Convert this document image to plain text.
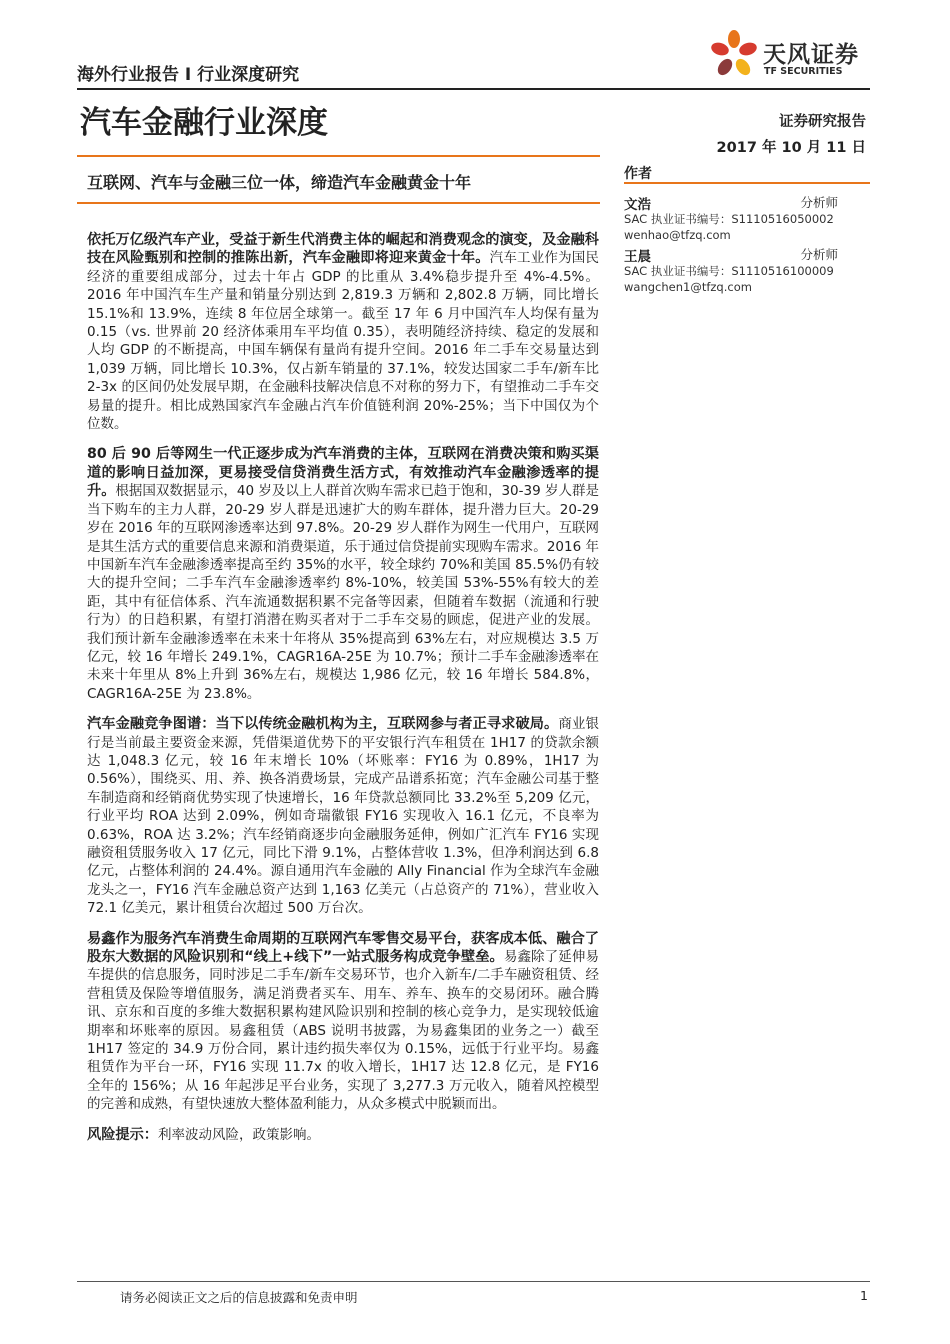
海外行业报告 I 行业深度研究
汽车金融行业深度	证券研究报告
2017 年 10 月 11 日
互联网、汽车与金融三位一体，缔造汽车金融黄金十年
天风证券
TF SECURITIES
作者
文浩	分析师
SAC 执业证书编号：S1110516050002
wenhao@tfzq.com
王晨	分析师
SAC 执业证书编号：S1110516100009
wangchen1@tfzq.com

依托万亿级汽车产业，受益于新生代消费主体的崛起和消费观念的演变，及金融科技在风险甄别和控制的推陈出新，汽车金融即将迎来黄金十年。汽车工业作为国民经济的重要组成部分，过去十年占 GDP 的比重从 3.4%稳步提升至 4%-4.5%。2016 年中国汽车生产量和销量分别达到 2,819.3 万辆和 2,802.8 万辆，同比增长 15.1%和 13.9%，连续 8 年位居全球第一。截至 17 年 6 月中国汽车人均保有量为 0.15（vs. 世界前 20 经济体乘用车平均值 0.35），表明随经济持续、稳定的发展和人均 GDP 的不断提高，中国车辆保有量尚有提升空间。2016 年二手车交易量达到 1,039 万辆，同比增长 10.3%，仅占新车销量的 37.1%，较发达国家二手车/新车比 2-3x 的区间仍处发展早期，在金融科技解决信息不对称的努力下，有望推动二手车交易量的提升。相比成熟国家汽车金融占汽车价值链利润 20%-25%；当下中国仅为个位数。

80 后 90 后等网生一代正逐步成为汽车消费的主体，互联网在消费决策和购买渠道的影响日益加深，更易接受信贷消费生活方式，有效推动汽车金融渗透率的提升。根据国双数据显示，40 岁及以上人群首次购车需求已趋于饱和，30-39 岁人群是当下购车的主力人群，20-29 岁人群是迅速扩大的购车群体，提升潜力巨大。20-29 岁在 2016 年的互联网渗透率达到 97.8%。20-29 岁人群作为网生一代用户，互联网是其生活方式的重要信息来源和消费渠道，乐于通过信贷提前实现购车需求。2016 年中国新车汽车金融渗透率提高至约 35%的水平，较全球约 70%和美国 85.5%仍有较大的提升空间；二手车汽车金融渗透率约 8%-10%，较美国 53%-55%有较大的差距，其中有征信体系、汽车流通数据积累不完备等因素，但随着车数据（流通和行驶行为）的日趋积累，有望打消潜在购买者对于二手车交易的顾虑，促进产业的发展。我们预计新车金融渗透率在未来十年将从 35%提高到 63%左右，对应规模达 3.5 万亿元，较 16 年增长 249.1%，CAGR16A-25E 为 10.7%；预计二手车金融渗透率在未来十年里从 8%上升到 36%左右，规模达 1,986 亿元，较 16 年增长 584.8%，CAGR16A-25E 为 23.8%。

汽车金融竞争图谱：当下以传统金融机构为主，互联网参与者正寻求破局。商业银行是当前最主要资金来源，凭借渠道优势下的平安银行汽车租赁在 1H17 的贷款余额达 1,048.3 亿元，较 16 年末增长 10%（坏账率：FY16 为 0.89%，1H17 为 0.56%），围绕买、用、养、换各消费场景，完成产品谱系拓宽；汽车金融公司基于整车制造商和经销商优势实现了快速增长，16 年贷款总额同比 33.2%至 5,209 亿元，行业平均 ROA 达到 2.09%，例如奇瑞徽银 FY16 实现收入 16.1 亿元，不良率为 0.63%，ROA 达 3.2%；汽车经销商逐步向金融服务延伸，例如广汇汽车 FY16 实现融资租赁服务收入 17 亿元，同比下滑 9.1%，占整体营收 1.3%，但净利润达到 6.8 亿元，占整体利润的 24.4%。源自通用汽车金融的 Ally Financial 作为全球汽车金融龙头之一，FY16 汽车金融总资产达到 1,163 亿美元（占总资产的 71%），营业收入 72.1 亿美元，累计租赁台次超过 500 万台次。

易鑫作为服务汽车消费生命周期的互联网汽车零售交易平台，获客成本低、融合了股东大数据的风险识别和“线上+线下”一站式服务构成竞争壁垒。易鑫除了延伸易车提供的信息服务，同时涉足二手车/新车交易环节，也介入新车/二手车融资租赁、经营租赁及保险等增值服务，满足消费者买车、用车、养车、换车的交易闭环。融合腾讯、京东和百度的多维大数据积累构建风险识别和控制的核心竞争力，是实现较低逾期率和坏账率的原因。易鑫租赁（ABS 说明书披露，为易鑫集团的业务之一）截至 1H17 签定的 34.9 万份合同，累计违约损失率仅为 0.15%，远低于行业平均。易鑫租赁作为平台一环，FY16 实现 11.7x 的收入增长，1H17 达 12.8 亿元，是 FY16 全年的 156%；从 16 年起涉足平台业务，实现了 3,277.3 万元收入，随着风控模型的完善和成熟，有望快速放大整体盈利能力，从众多模式中脱颖而出。

风险提示：利率波动风险，政策影响。

请务必阅读正文之后的信息披露和免责申明	1
